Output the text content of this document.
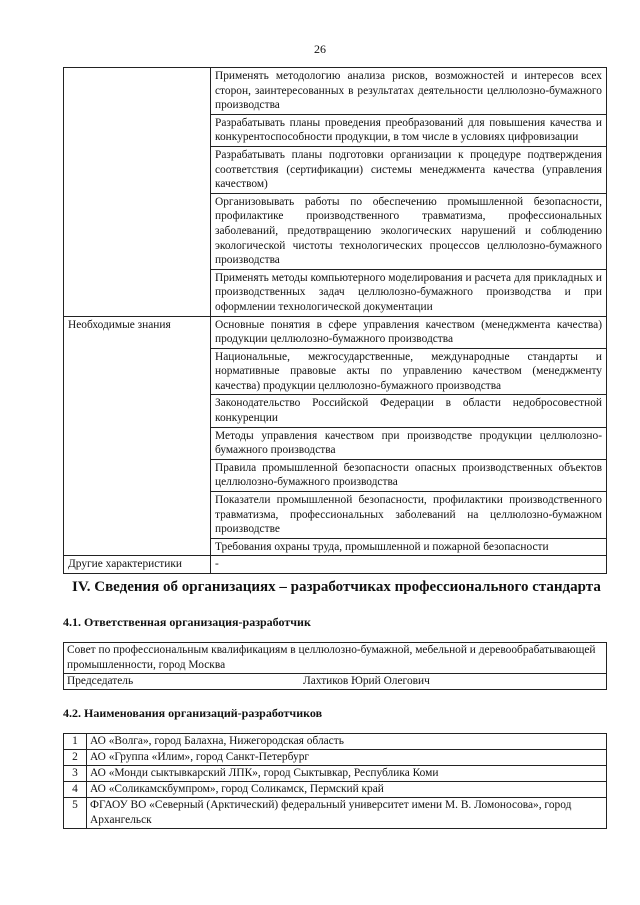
26
	Применять методологию анализа рисков, возможностей и интересов всех сторон, заинтересованных в результатах деятельности целлюлозно-бумажного производства
	Разрабатывать планы проведения преобразований для повышения качества и конкурентоспособности продукции, в том числе в условиях цифровизации
	Разрабатывать планы подготовки организации к процедуре подтверждения соответствия (сертификации) системы менеджмента качества (управления качеством)
	Организовывать работы по обеспечению промышленной безопасности, профилактике производственного травматизма, профессиональных заболеваний, предотвращению экологических нарушений и соблюдению экологической чистоты технологических процессов целлюлозно-бумажного производства
	Применять методы компьютерного моделирования и расчета для прикладных и производственных задач целлюлозно-бумажного производства и при оформлении технологической документации
Необходимые знания	Основные понятия в сфере управления качеством (менеджмента качества) продукции целлюлозно-бумажного производства
	Национальные, межгосударственные, международные стандарты и нормативные правовые акты по управлению качеством (менеджменту качества) продукции целлюлозно-бумажного производства
	Законодательство Российской Федерации в области недобросовестной конкуренции
	Методы управления качеством при производстве продукции целлюлозно-бумажного производства
	Правила промышленной безопасности опасных производственных объектов целлюлозно-бумажного производства
	Показатели промышленной безопасности, профилактики производственного травматизма, профессиональных заболеваний на целлюлозно-бумажном производстве
	Требования охраны труда, промышленной и пожарной безопасности
Другие характеристики	-
IV. Сведения об организациях – разработчиках профессионального стандарта
4.1. Ответственная организация-разработчик
Совет по профессиональным квалификациям в целлюлозно-бумажной, мебельной и деревообрабатывающей промышленности, город Москва
Председатель	Лахтиков Юрий Олегович
4.2. Наименования организаций-разработчиков
1	АО «Волга», город Балахна, Нижегородская область
2	АО «Группа «Илим», город Санкт-Петербург
3	АО «Монди сыктывкарский ЛПК», город Сыктывкар, Республика Коми
4	АО «Соликамскбумпром», город Соликамск, Пермский край
5	ФГАОУ ВО «Северный (Арктический) федеральный университет имени М. В. Ломоносова», город Архангельск
